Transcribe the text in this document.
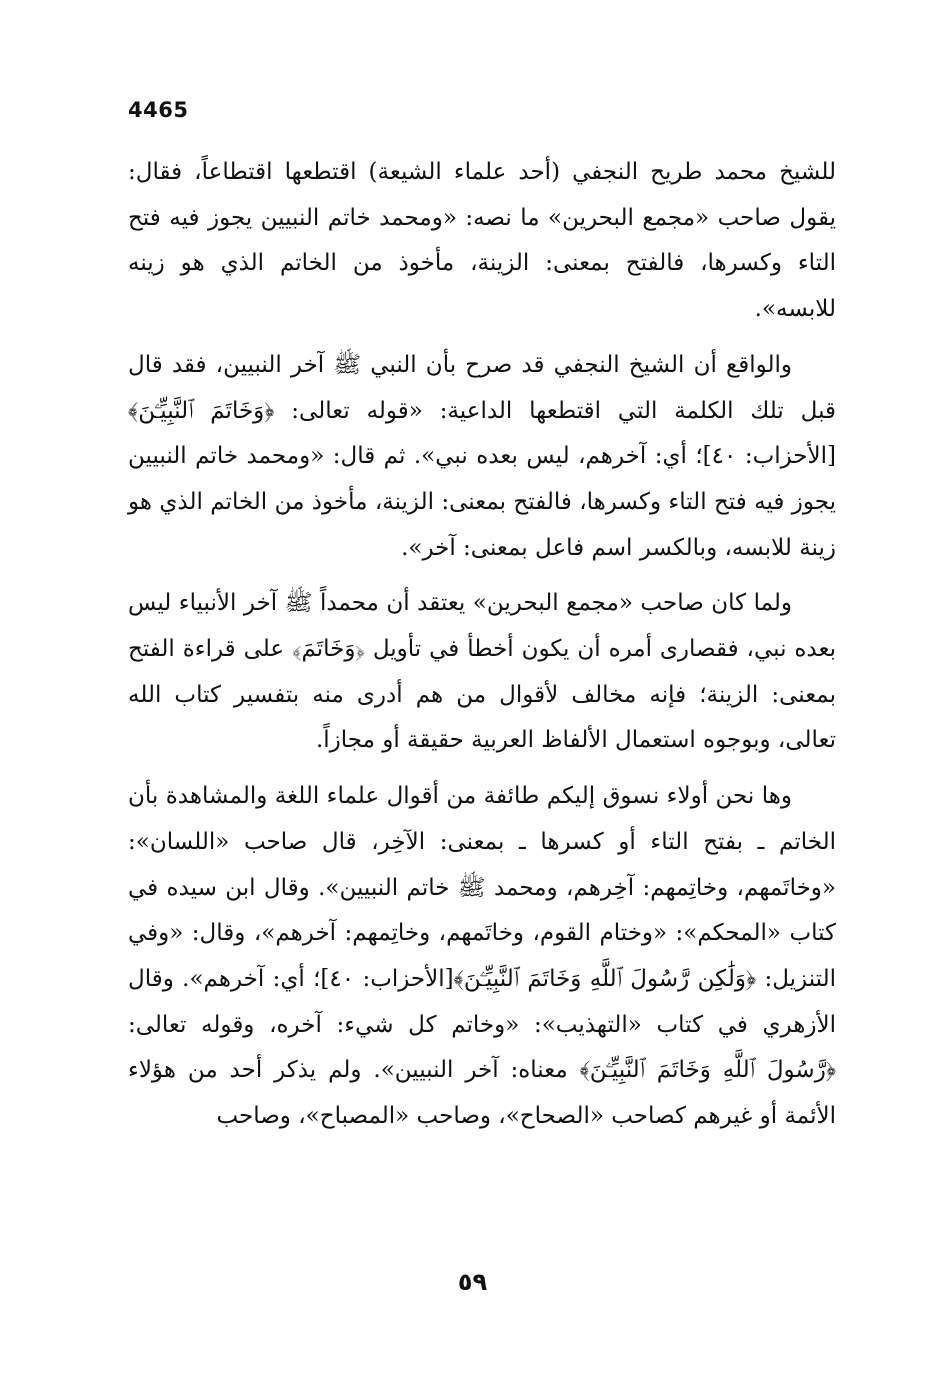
4465

للشيخ محمد طريح النجفي (أحد علماء الشيعة) اقتطعها اقتطاعاً، فقال: يقول صاحب «مجمع البحرين» ما نصه: «ومحمد خاتم النبيين يجوز فيه فتح التاء وكسرها، فالفتح بمعنى: الزينة، مأخوذ من الخاتم الذي هو زينه للابسه».

والواقع أن الشيخ النجفي قد صرح بأن النبي ﷺ آخر النبيين، فقد قال قبل تلك الكلمة التي اقتطعها الداعية: «قوله تعالى: ﴿وَخَاتَمَ ٱلنَّبِيِّـۧنَ﴾[الأحزاب: ٤٠]؛ أي: آخرهم، ليس بعده نبي». ثم قال: «ومحمد خاتم النبيين يجوز فيه فتح التاء وكسرها، فالفتح بمعنى: الزينة، مأخوذ من الخاتم الذي هو زينة للابسه، وبالكسر اسم فاعل بمعنى: آخر».

ولما كان صاحب «مجمع البحرين» يعتقد أن محمداً ﷺ آخر الأنبياء ليس بعده نبي، فقصارى أمره أن يكون أخطأ في تأويل ﴿وَخَاتَمَ﴾ على قراءة الفتح بمعنى: الزينة؛ فإنه مخالف لأقوال من هم أدرى منه بتفسير كتاب الله تعالى، وبوجوه استعمال الألفاظ العربية حقيقة أو مجازاً.

وها نحن أولاء نسوق إليكم طائفة من أقوال علماء اللغة والمشاهدة بأن الخاتم ـ بفتح التاء أو كسرها ـ بمعنى: الآخِر، قال صاحب «اللسان»: «وخاتَمهم، وخاتِمهم: آخِرهم، ومحمد ﷺ خاتم النبيين». وقال ابن سيده في كتاب «المحكم»: «وختام القوم، وخاتَمهم، وخاتِمهم: آخرهم»، وقال: «وفي التنزيل: ﴿وَلَٰكِن رَّسُولَ ٱللَّهِ وَخَاتَمَ ٱلنَّبِيِّـۧنَ﴾[الأحزاب: ٤٠]؛ أي: آخرهم». وقال الأزهري في كتاب «التهذيب»: «وخاتم كل شيء: آخره، وقوله تعالى: ﴿رَّسُولَ ٱللَّهِ وَخَاتَمَ ٱلنَّبِيِّـۧنَ﴾ معناه: آخر النبيين». ولم يذكر أحد من هؤلاء الأئمة أو غيرهم كصاحب «الصحاح»، وصاحب «المصباح»، وصاحب

٥٩
